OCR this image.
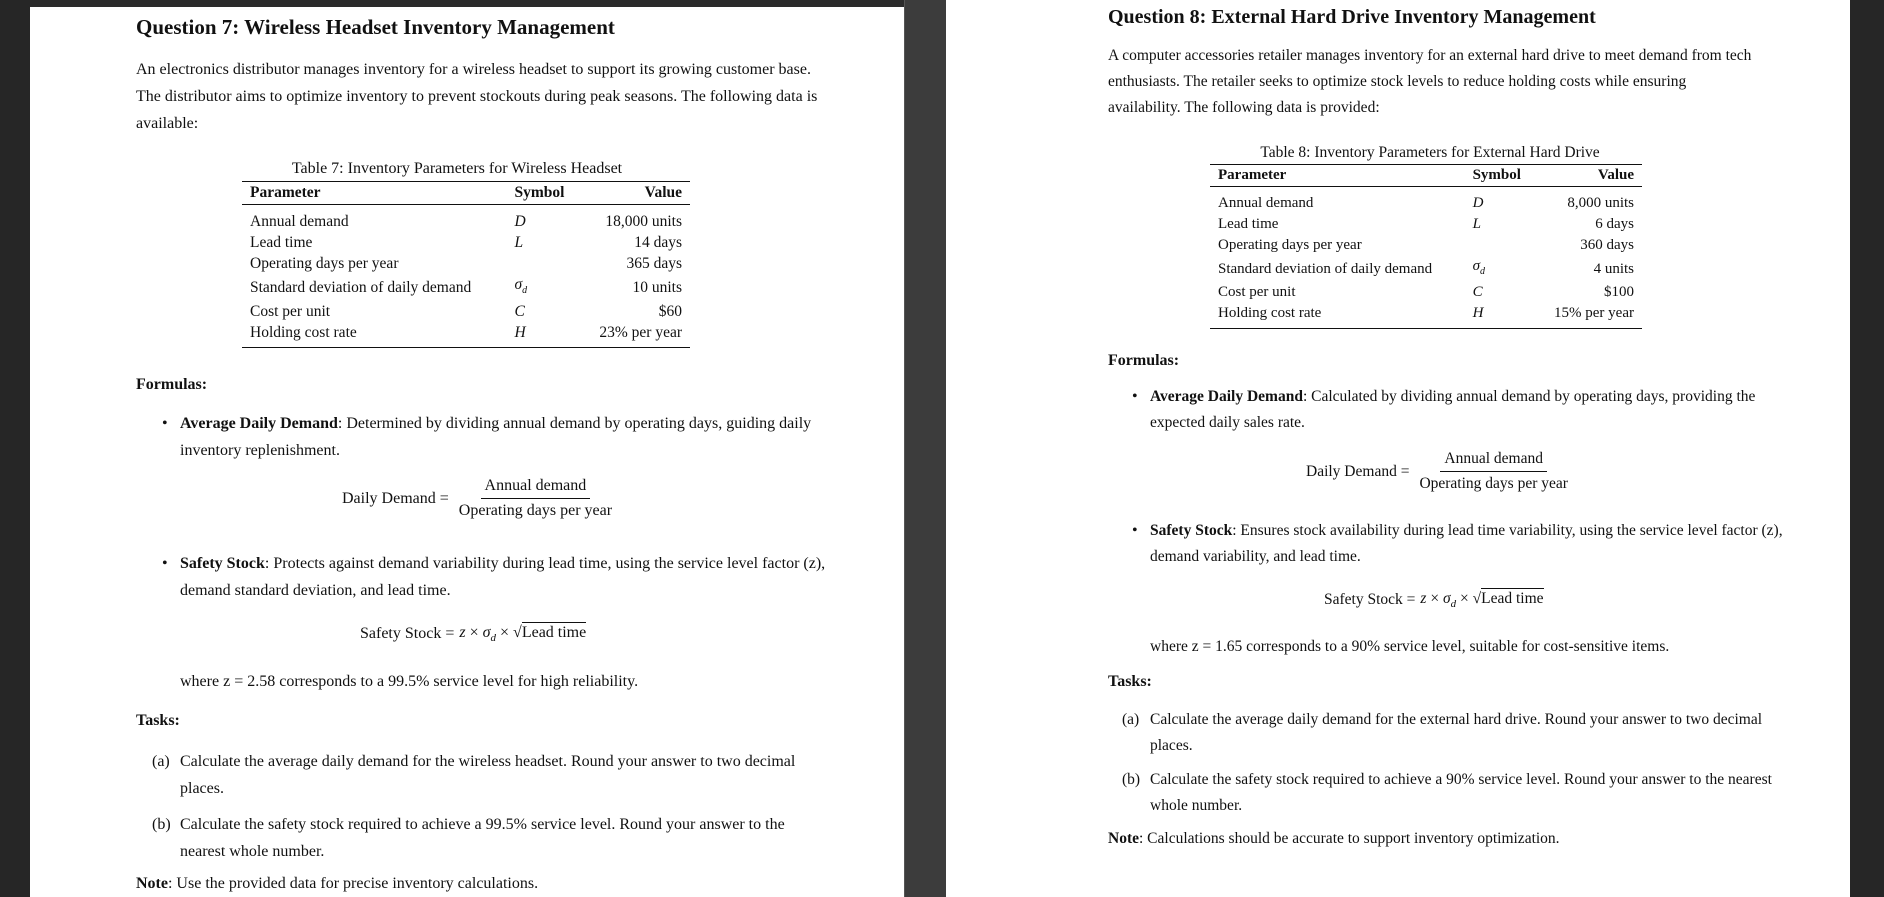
Question 7: Wireless Headset Inventory Management
An electronics distributor manages inventory for a wireless headset to support its growing customer base. The distributor aims to optimize inventory to prevent stockouts during peak seasons. The following data is available:
Table 7: Inventory Parameters for Wireless Headset
Parameter	Symbol	Value
Annual demand	D	18,000 units
Lead time	L	14 days
Operating days per year		365 days
Standard deviation of daily demand	$\sigma_d$	10 units
Cost per unit	C	$60
Holding cost rate	H	23% per year
Formulas:
• Average Daily Demand: Determined by dividing annual demand by operating days, guiding daily inventory replenishment.
Daily Demand = $\frac{\text{Annual demand}}{\text{Operating days per year}}$
• Safety Stock: Protects against demand variability during lead time, using the service level factor (z), demand standard deviation, and lead time.
Safety Stock = $z \times \sigma_d$ × √Lead time
where z = 2.58 corresponds to a 99.5% service level for high reliability.
Tasks:
(a) Calculate the average daily demand for the wireless headset. Round your answer to two decimal places.
(b) Calculate the safety stock required to achieve a 99.5% service level. Round your answer to the nearest whole number.
Note: Use the provided data for precise inventory calculations.
Question 8: External Hard Drive Inventory Management
A computer accessories retailer manages inventory for an external hard drive to meet demand from tech enthusiasts. The retailer seeks to optimize stock levels to reduce holding costs while ensuring availability. The following data is provided:
Table 8: Inventory Parameters for External Hard Drive
Parameter	Symbol	Value
Annual demand	D	8,000 units
Lead time	L	6 days
Operating days per year		360 days
Standard deviation of daily demand	$\sigma_d$	4 units
Cost per unit	C	$100
Holding cost rate	H	15% per year
Formulas:
• Average Daily Demand: Calculated by dividing annual demand by operating days, providing the expected daily sales rate.
Daily Demand = $\frac{\text{Annual demand}}{\text{Operating days per year}}$
• Safety Stock: Ensures stock availability during lead time variability, using the service level factor (z), demand variability, and lead time.
Safety Stock = $z \times \sigma_d$ × √Lead time
where z = 1.65 corresponds to a 90% service level, suitable for cost-sensitive items.
Tasks:
(a) Calculate the average daily demand for the external hard drive. Round your answer to two decimal places.
(b) Calculate the safety stock required to achieve a 90% service level. Round your answer to the nearest whole number.
Note: Calculations should be accurate to support inventory optimization.
